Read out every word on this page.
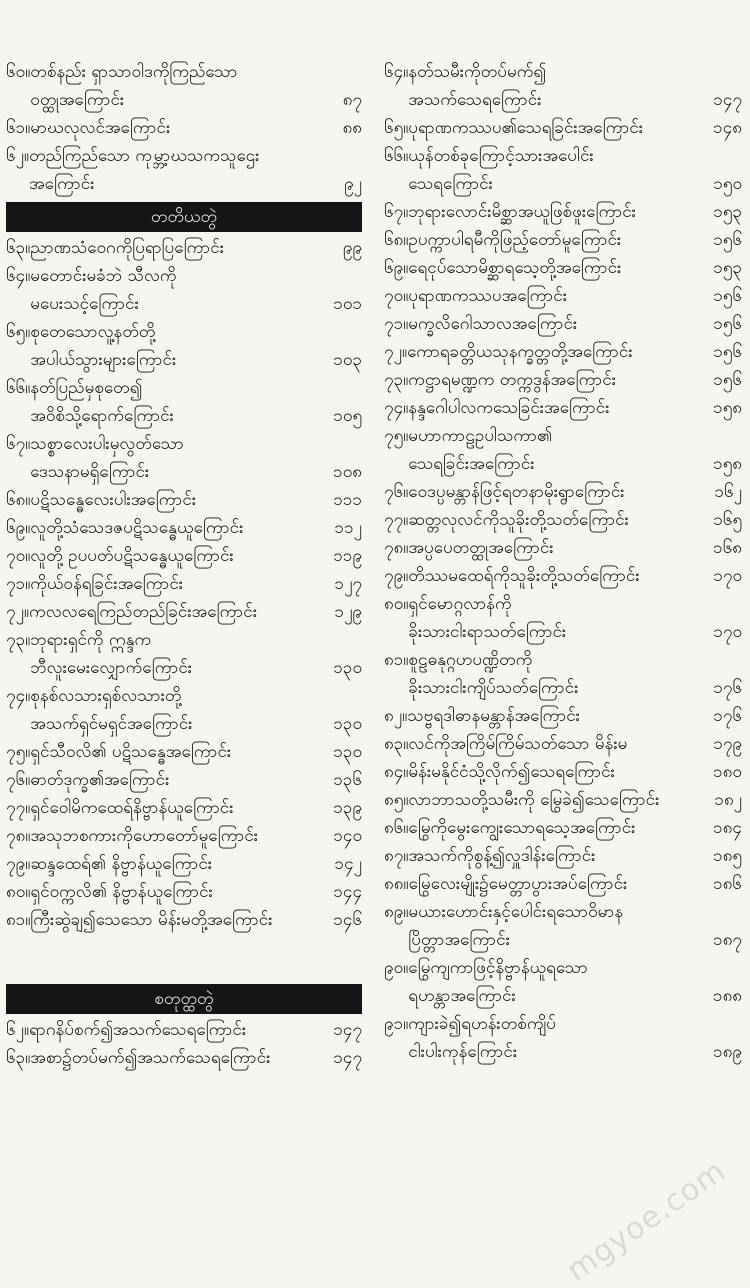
၆၀။ တစ်နည်း ရှာသာဝါဒကိုကြည်သော
ဝတ္ထုအကြောင်း	၈၇
၆၁။ မာဃလုလင်အကြောင်း	၈၈
၆၂။ တည်ကြည်သော ကုမ္ဘာ့ဃသကသူဌေး
အကြောင်း	၉၂
တတိယတွဲ
၆၃။ ညာဏသံဝေဂကိုပြရာပြကြောင်း	၉၉
၆၄။ မတောင်းမခံဘဲ သီလကို
မပေးသင့်ကြောင်း	၁၀၁
၆၅။ စုတေသောလူ့နတ်တို့
အပါယ်သွားများကြောင်း	၁၀၃
၆၆။ နတ်ပြည်မှစုတေ၍
အဝိစိသို့ရောက်ကြောင်း	၁၀၅
၆၇။ သစ္စာလေးပါးမှလွတ်သော
ဒေသနာမရှိကြောင်း	၁၀၈
၆၈။ ပဋိသန္ဓေလေးပါးအကြောင်း	၁၁၁
၆၉။ လူတို့သံသေဒဇပဋိသန္ဓေယူကြောင်း	၁၁၂
၇၀။ လူတို့ ဥပပတ်ပဋိသန္ဓေယူကြောင်း	၁၁၉
၇၁။ ကိုယ်ဝန်ရခြင်းအကြောင်း	၁၂၇
၇၂။ ကလလရေကြည်တည်ခြင်းအကြောင်း	၁၂၉
၇၃။ ဘုရားရှင်ကို ဣန္ဒက
ဘီလူးမေးလျှောက်ကြောင်း	၁၃၀
၇၄။ စုနစ်လသားရှစ်လသားတို့
အသက်ရှင်မရှင်အကြောင်း	၁၃၀
၇၅။ ရှင်သီဝလိ၏ ပဋိသန္ဓေအကြောင်း	၁၃၀
၇၆။ ဓာတ်ဒုက္ခ၏အကြောင်း	၁၃၆
၇၇။ ရှင်ဝေါမိကထေရ်နိဗ္ဗာန်ယူကြောင်း	၁၃၉
၇၈။ အသုဘစကားကိုဟောတော်မူကြောင်း	၁၄၀
၇၉။ ဆန္ဒထေရ်၏ နိဗ္ဗာန်ယူကြောင်း	၁၄၂
၈၀။ ရှင်ဝက္ကလိ၏ နိဗ္ဗာန်ယူကြောင်း	၁၄၄
၈၁။ ကြီးဆွဲချ၍သေသော မိန်းမတို့အကြောင်း	၁၄၆
စတုတ္ထတွဲ
၆၂။ ရာဂနိပ်စက်၍အသက်သေရကြောင်း	၁၄၇
၆၃။ အစာ၌တပ်မက်၍အသက်သေရကြောင်း	၁၄၇
၆၄။ နတ်သမီးကိုတပ်မက်၍
အသက်သေရကြောင်း	၁၄၇
၆၅။ ပုရာဏကဿပ၏သေရခြင်းအကြောင်း	၁၄၈
၆၆။ ယုန်တစ်ခုကြောင့်သားအပေါင်း
သေရကြောင်း	၁၅၀
၆၇။ ဘုရားလောင်းမိစ္ဆာအယူဖြစ်ဖူးကြောင်း	၁၅၃
၆၈။ ဥပက္ကာပါရမီကိုဖြည့်တော်မူကြောင်း	၁၅၆
၆၉။ ရေငုပ်သောမိစ္ဆာရသေ့တို့အကြောင်း	၁၅၃
၇၀။ ပုရာဏကဿပအကြောင်း	၁၅၆
၇၁။ မက္ခလိဂေါသာလအကြောင်း	၁၅၆
၇၂။ ကောရခတ္တိယသုနက္ခတ္တတို့အကြောင်း	၁၅၆
၇၃။ ကဋ္ဌာရမဏ္ဍက တက္ကဒွန်အကြောင်း	၁၅၆
၇၄။ နန္ဒဂေါပါလကသေခြင်းအကြောင်း	၁၅၈
၇၅။ မဟာကာဠဥပါသကာ၏
သေရခြင်းအကြောင်း	၁၅၈
၇၆။ ဝေဒပ္ပမန္တာန်ဖြင့်ရတနာမိုးရွာကြောင်း	၁၆၂
၇၇။ ဆတ္တလုလင်ကိုသူခိုးတို့သတ်ကြောင်း	၁၆၅
၇၈။ အပ္ပပေတတ္ထုအကြောင်း	၁၆၈
၇၉။ တိဿမထေရ်ကိုသူခိုးတို့သတ်ကြောင်း	၁၇၀
၈၀။ ရှင်မောဂ္ဂလာန်ကို
ခိုးသားငါးရာသတ်ကြောင်း	၁၇၀
၈၁။ စူဠဓနုဂ္ဂဟပဏ္ဍိတကို
ခိုးသားငါးကျိပ်သတ်ကြောင်း	၁၇၆
၈၂။ သဗ္ဗရဒါဓာနမန္တာန်အကြောင်း	၁၇၆
၈၃။ လင်ကိုအကြိမ်ကြိမ်သတ်သော မိန်းမ	၁၇၉
၈၄။ မိန်းမနိုင်ငံသို့လိုက်၍သေရကြောင်း	၁၈၀
၈၅။ လာဘာသတို့သမီးကို မြွေခဲ၍သေကြောင်း	၁၈၂
၈၆။ မြွေကိုမွေးကျွေးသောရသေ့အကြောင်း	၁၈၄
၈၇။ အသက်ကိုစွန့်၍လှူဒါန်းကြောင်း	၁၈၅
၈၈။ မြွေလေးမျိုး၌မေတ္တာပွားအပ်ကြောင်း	၁၈၆
၈၉။ မယားဟောင်းနှင့်ပေါင်းရသောဝိမာန
ပြိတ္တာအကြောင်း	၁၈၇
၉၀။ မြွေကျကာဖြင့်နိဗ္ဗာန်ယူရသော
ရဟန္တာအကြောင်း	၁၈၈
၉၁။ ကျားခဲ၍ရဟန်းတစ်ကျိပ်
ငါးပါးကုန်ကြောင်း	၁၈၉
mgyoe.com
